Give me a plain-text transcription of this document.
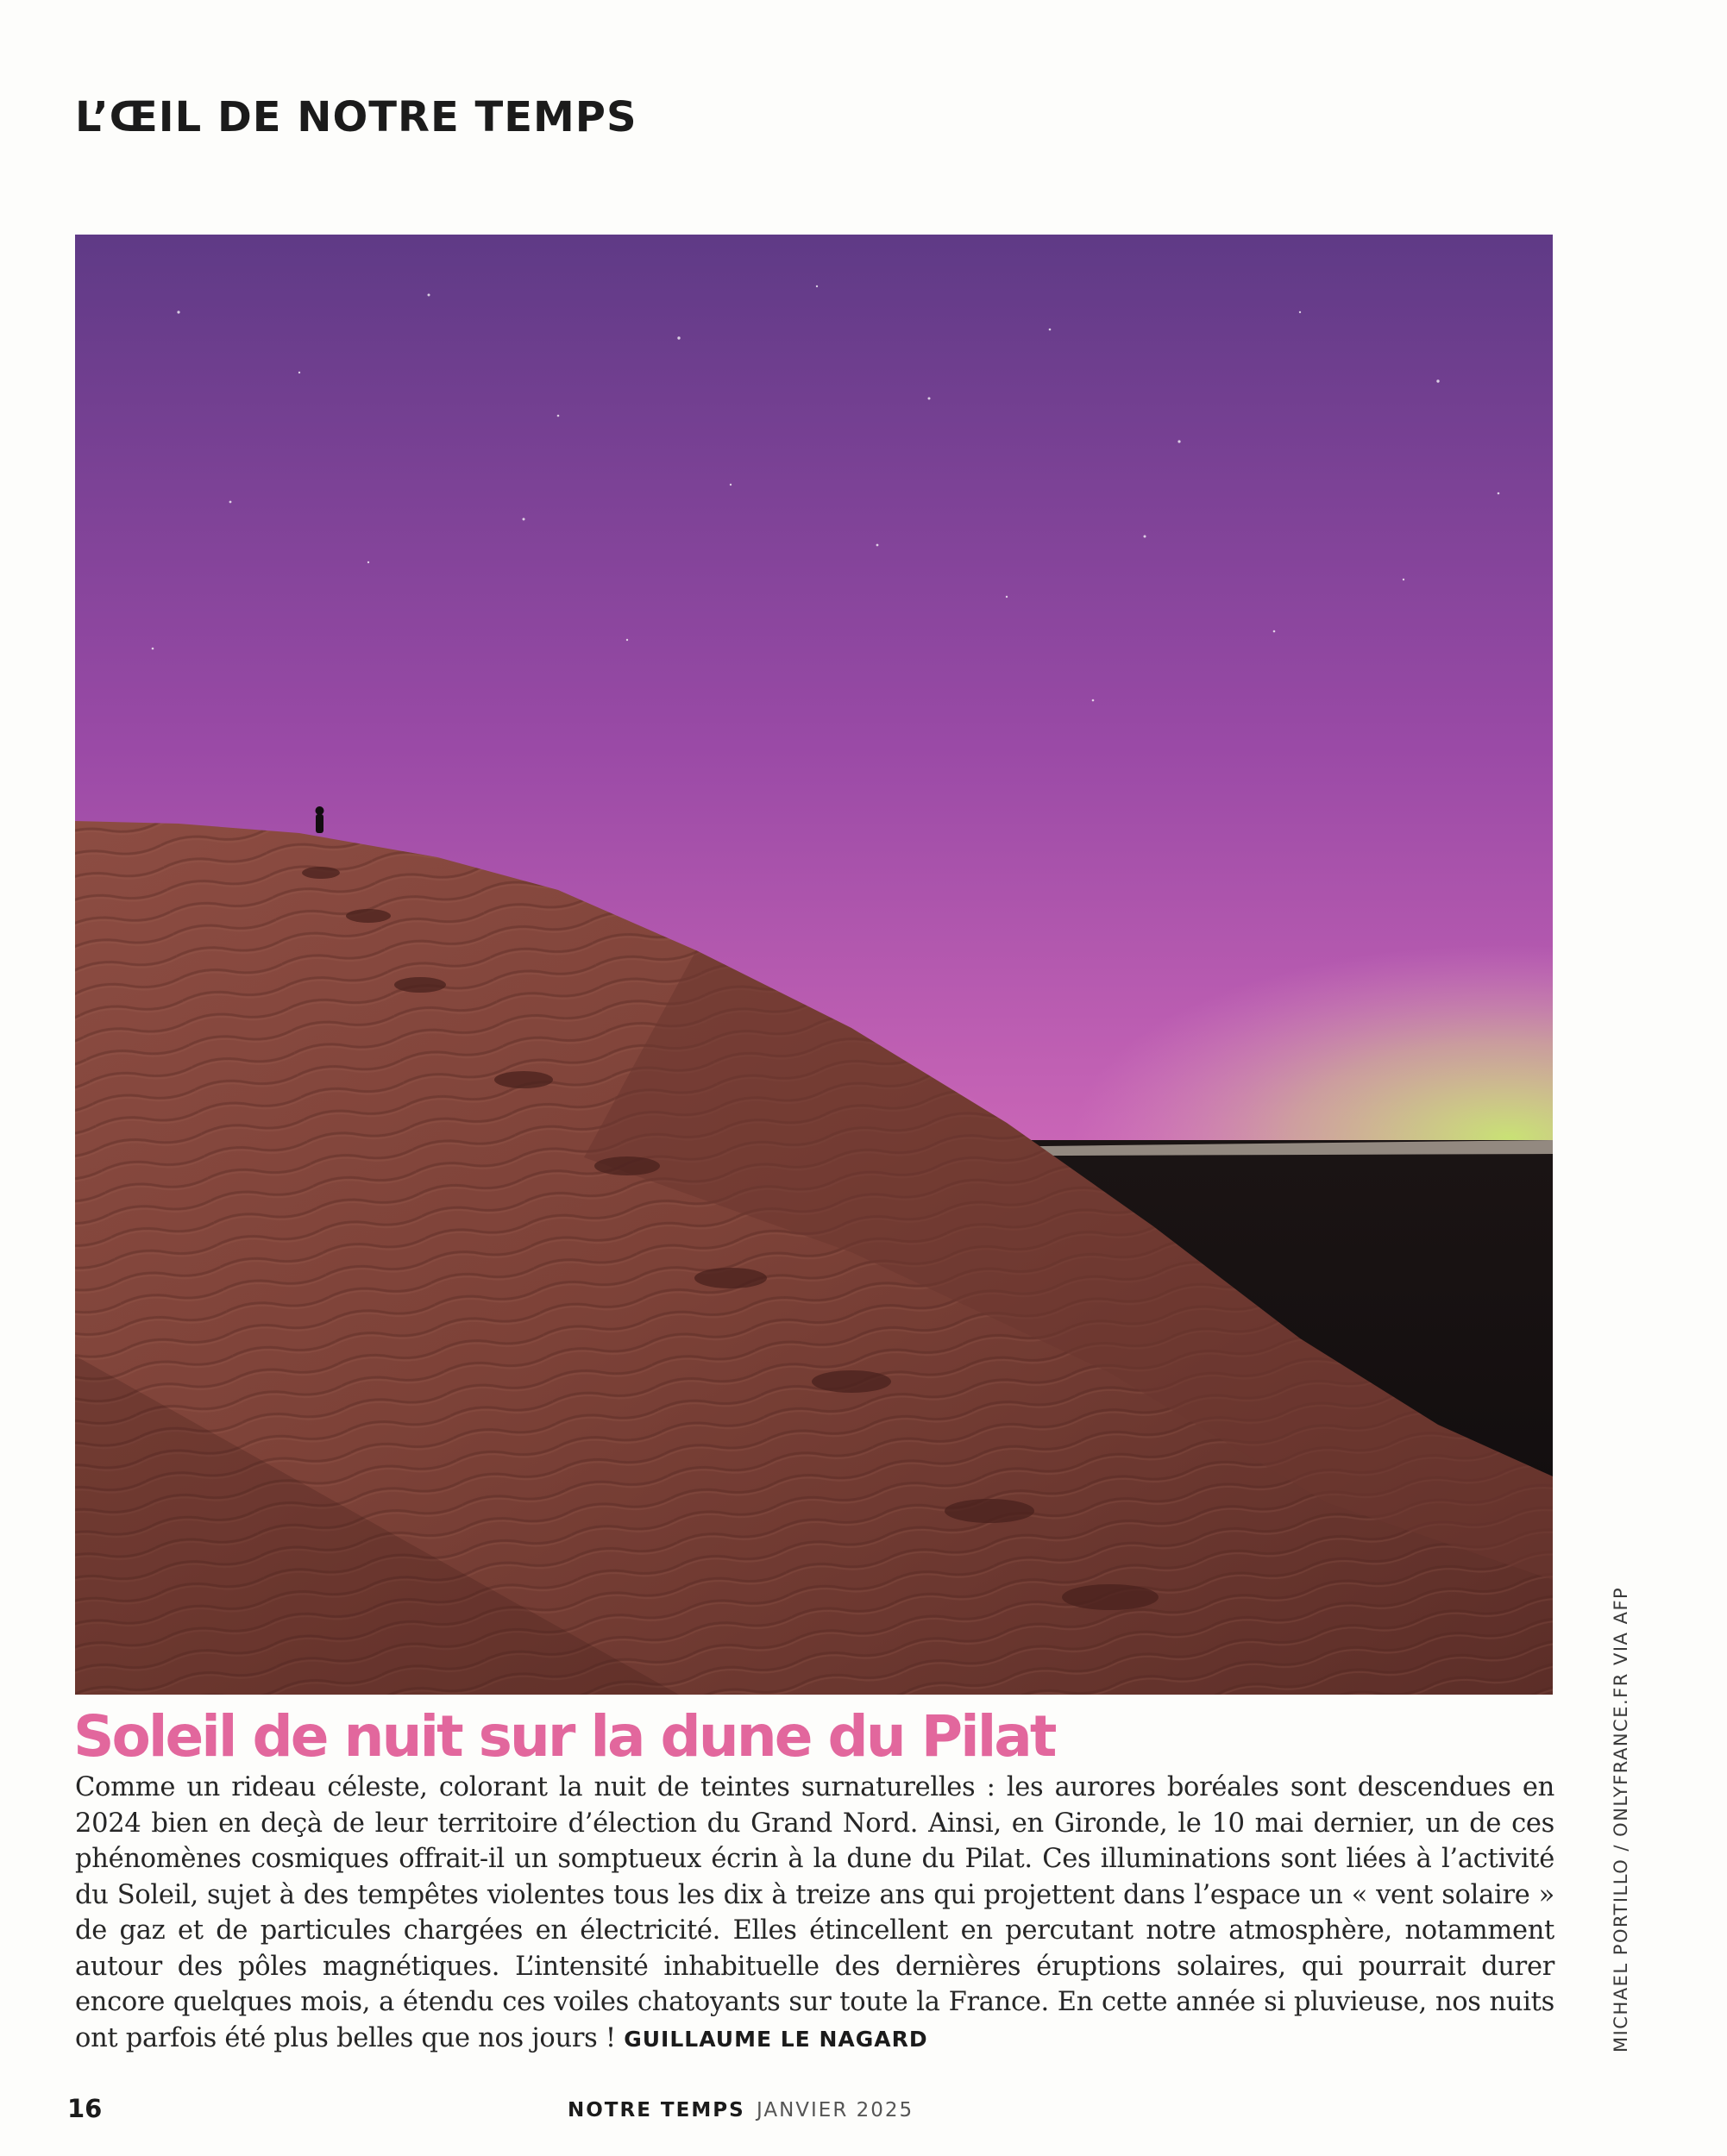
L’ŒIL DE NOTRE TEMPS
MICHAEL PORTILLO / ONLYFRANCE.FR VIA AFP
Soleil de nuit sur la dune du Pilat

Comme un rideau céleste, colorant la nuit de teintes surnaturelles : les aurores boréales sont descendues en 2024 bien en deçà de leur territoire d’élection du Grand Nord. Ainsi, en Gironde, le 10 mai dernier, un de ces phénomènes cosmiques offrait-il un somptueux écrin à la dune du Pilat. Ces illuminations sont liées à l’activité du Soleil, sujet à des tempêtes violentes tous les dix à treize ans qui projettent dans l’espace un « vent solaire » de gaz et de particules chargées en électricité. Elles étincellent en percutant notre atmosphère, notamment autour des pôles magnétiques. L’intensité inhabituelle des dernières éruptions solaires, qui pourrait durer encore quelques mois, a étendu ces voiles chatoyants sur toute la France. En cette année si pluvieuse, nos nuits ont parfois été plus belles que nos jours ! GUILLAUME LE NAGARD

16	NOTRE TEMPS JANVIER 2025
